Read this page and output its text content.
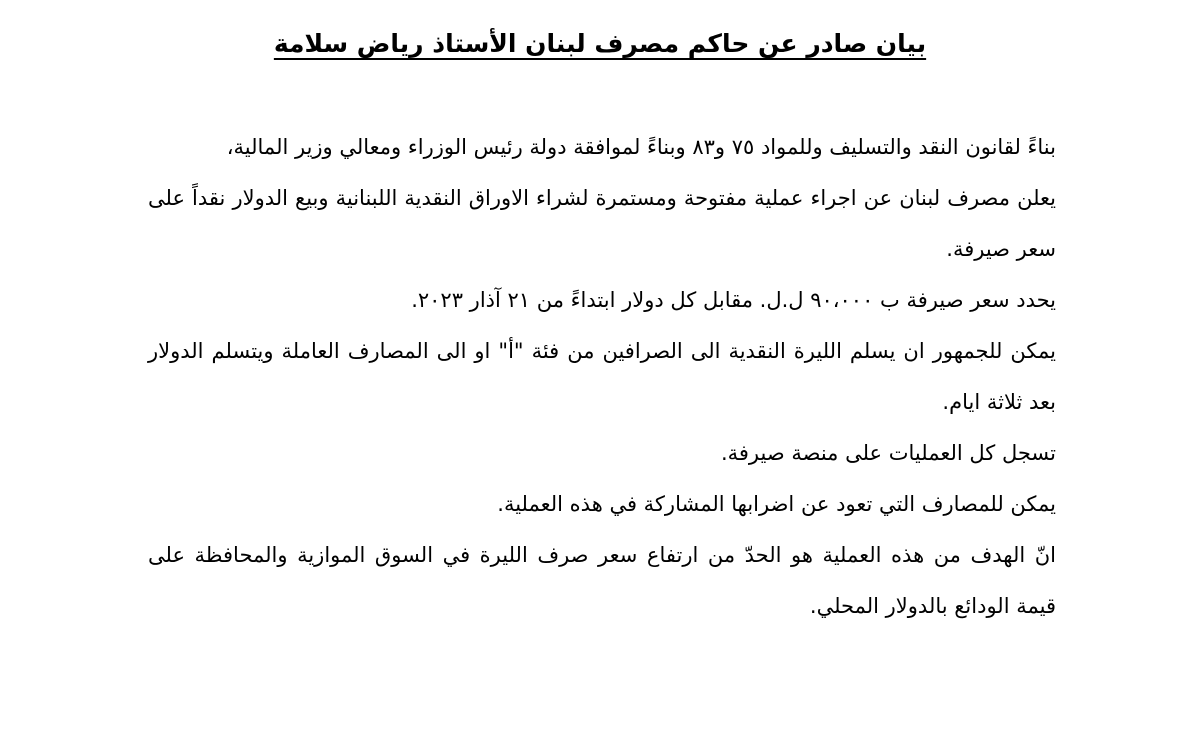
بيان صادر عن حاكم مصرف لبنان الأستاذ رياض سلامة

بناءً لقانون النقد والتسليف وللمواد ٧٥ و٨٣ وبناءً لموافقة دولة رئيس الوزراء ومعالي وزير المالية،

يعلن مصرف لبنان عن اجراء عملية مفتوحة ومستمرة لشراء الاوراق النقدية اللبنانية وبيع الدولار نقداً على سعر صيرفة.

يحدد سعر صيرفة ب ٩٠،٠٠٠ ل.ل. مقابل كل دولار ابتداءً من ٢١ آذار ٢٠٢٣.

يمكن للجمهور ان يسلم الليرة النقدية الى الصرافين من فئة "أ" او الى المصارف العاملة ويتسلم الدولار بعد ثلاثة ايام.

تسجل كل العمليات على منصة صيرفة.

يمكن للمصارف التي تعود عن اضرابها المشاركة في هذه العملية.

انّ الهدف من هذه العملية هو الحدّ من ارتفاع سعر صرف الليرة في السوق الموازية والمحافظة على قيمة الودائع بالدولار المحلي.
